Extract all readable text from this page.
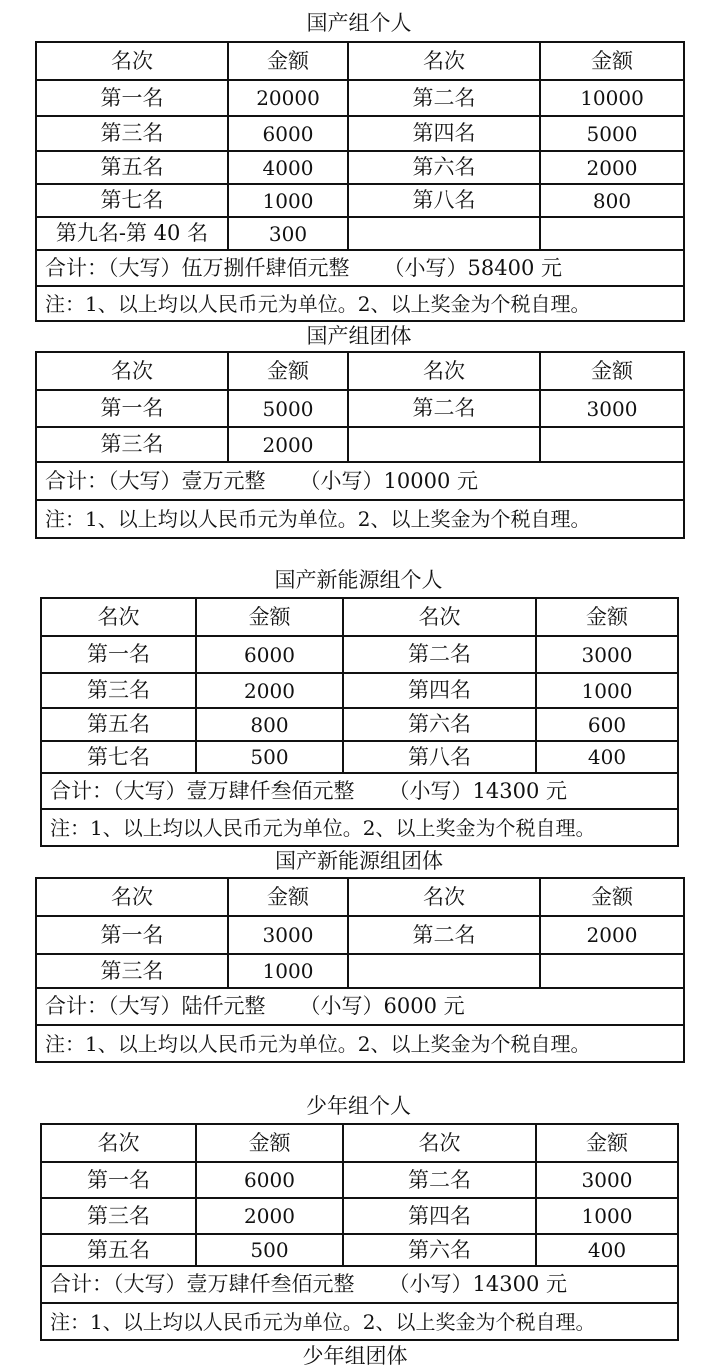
国产组个人
名次	金额	名次	金额
第一名	20000	第二名	10000
第三名	6000	第四名	5000
第五名	4000	第六名	2000
第七名	1000	第八名	800
第九名-第 40 名	300		
合计：（大写）伍万捌仟肆佰元整 （小写）58400 元			
注：1、以上均以人民币元为单位。2、以上奖金为个税自理。			
国产组团体
名次	金额	名次	金额
第一名	5000	第二名	3000
第三名	2000		
合计：（大写）壹万元整 （小写）10000 元			
注：1、以上均以人民币元为单位。2、以上奖金为个税自理。			
国产新能源组个人
名次	金额	名次	金额
第一名	6000	第二名	3000
第三名	2000	第四名	1000
第五名	800	第六名	600
第七名	500	第八名	400
合计：（大写）壹万肆仟叁佰元整 （小写）14300 元			
注：1、以上均以人民币元为单位。2、以上奖金为个税自理。			
国产新能源组团体
名次	金额	名次	金额
第一名	3000	第二名	2000
第三名	1000		
合计：（大写）陆仟元整 （小写）6000 元			
注：1、以上均以人民币元为单位。2、以上奖金为个税自理。			
少年组个人
名次	金额	名次	金额
第一名	6000	第二名	3000
第三名	2000	第四名	1000
第五名	500	第六名	400
合计：（大写）壹万肆仟叁佰元整 （小写）14300 元			
注：1、以上均以人民币元为单位。2、以上奖金为个税自理。			
少年组团体
